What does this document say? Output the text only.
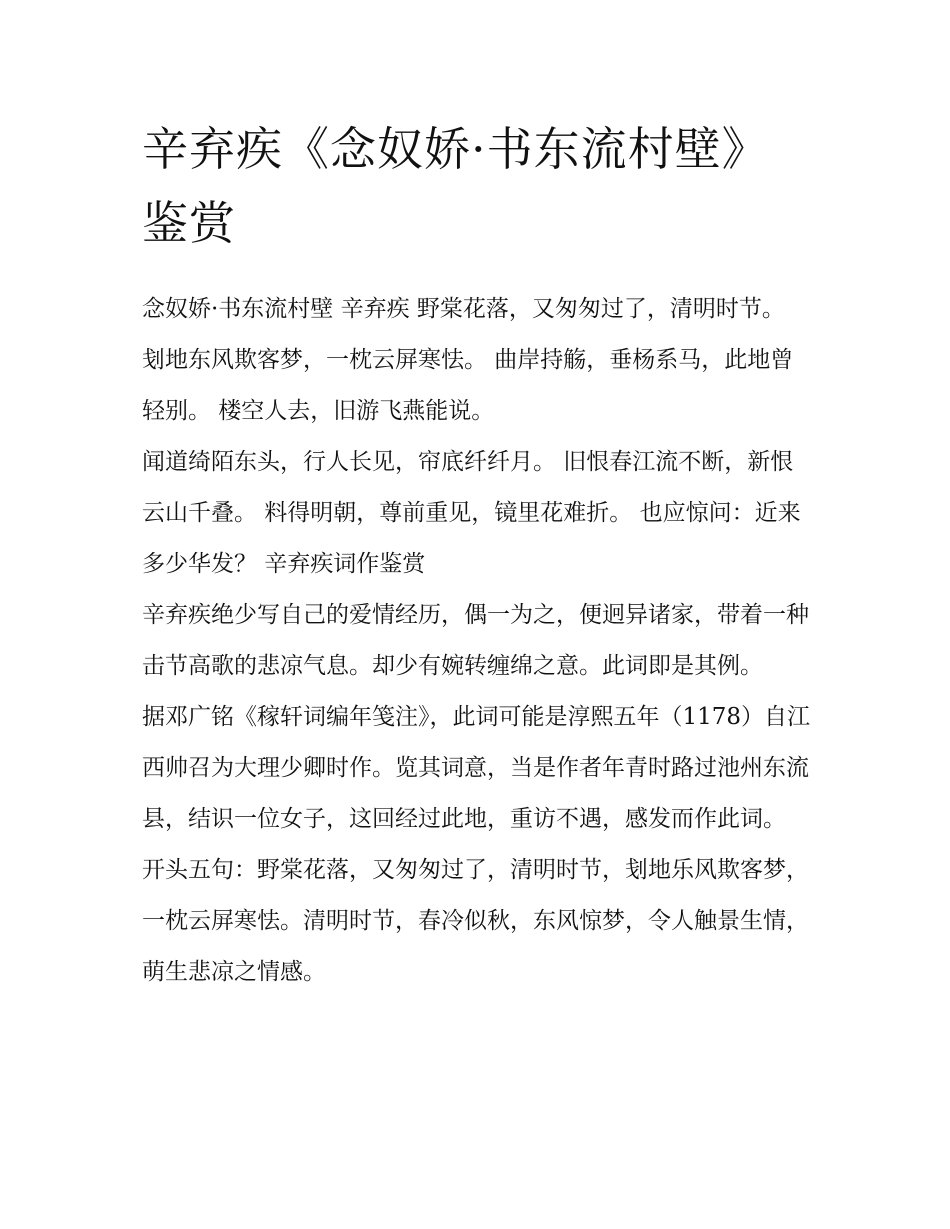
辛弃疾《念奴娇·书东流村壁》鉴赏

念奴娇·书东流村壁 辛弃疾 野棠花落，又匆匆过了，清明时节。 刬地东风欺客梦，一枕云屏寒怯。 曲岸持觞，垂杨系马，此地曾轻别。 楼空人去，旧游飞燕能说。

闻道绮陌东头，行人长见，帘底纤纤月。 旧恨春江流不断，新恨云山千叠。 料得明朝，尊前重见，镜里花难折。 也应惊问：近来多少华发？ 辛弃疾词作鉴赏

辛弃疾绝少写自己的爱情经历，偶一为之，便迥异诸家，带着一种击节高歌的悲凉气息。却少有婉转缠绵之意。此词即是其例。

据邓广铭《稼轩词编年笺注》，此词可能是淳熙五年（1178）自江西帅召为大理少卿时作。览其词意，当是作者年青时路过池州东流县，结识一位女子，这回经过此地，重访不遇，感发而作此词。

开头五句：野棠花落，又匆匆过了，清明时节，刬地乐风欺客梦，一枕云屏寒怯。清明时节，春冷似秋，东风惊梦，令人触景生情，萌生悲凉之情感。
